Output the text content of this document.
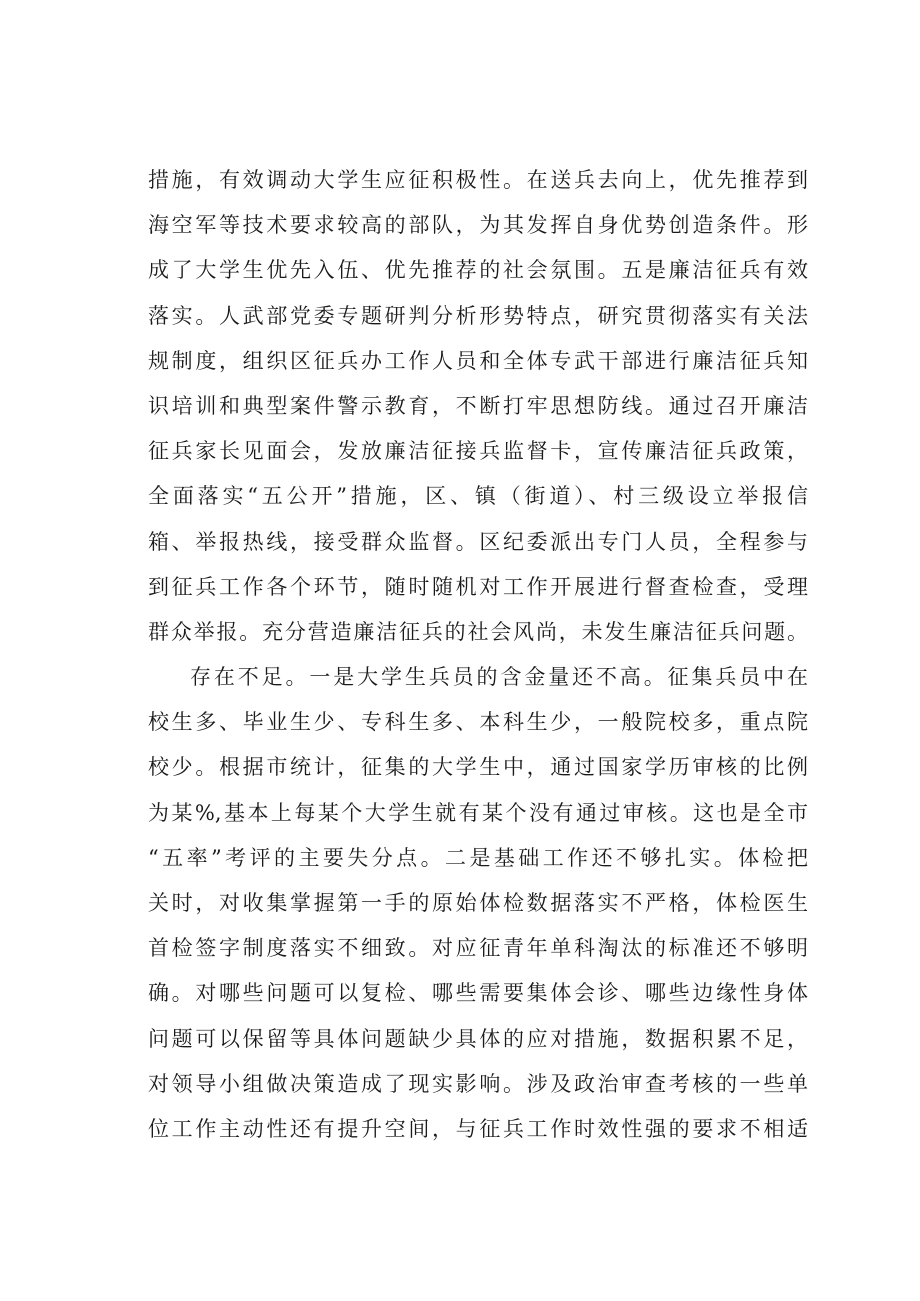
措施，有效调动大学生应征积极性。在送兵去向上，优先推荐到
海空军等技术要求较高的部队，为其发挥自身优势创造条件。形
成了大学生优先入伍、优先推荐的社会氛围。五是廉洁征兵有效
落实。人武部党委专题研判分析形势特点，研究贯彻落实有关法
规制度，组织区征兵办工作人员和全体专武干部进行廉洁征兵知
识培训和典型案件警示教育，不断打牢思想防线。通过召开廉洁
征兵家长见面会，发放廉洁征接兵监督卡，宣传廉洁征兵政策，
全面落实“五公开”措施，区、镇（街道）、村三级设立举报信
箱、举报热线，接受群众监督。区纪委派出专门人员，全程参与
到征兵工作各个环节，随时随机对工作开展进行督查检查，受理
群众举报。充分营造廉洁征兵的社会风尚，未发生廉洁征兵问题。
存在不足。一是大学生兵员的含金量还不高。征集兵员中在
校生多、毕业生少、专科生多、本科生少，一般院校多，重点院
校少。根据市统计，征集的大学生中，通过国家学历审核的比例
为某%,基本上每某个大学生就有某个没有通过审核。这也是全市
“五率”考评的主要失分点。二是基础工作还不够扎实。体检把
关时，对收集掌握第一手的原始体检数据落实不严格，体检医生
首检签字制度落实不细致。对应征青年单科淘汰的标准还不够明
确。对哪些问题可以复检、哪些需要集体会诊、哪些边缘性身体
问题可以保留等具体问题缺少具体的应对措施，数据积累不足，
对领导小组做决策造成了现实影响。涉及政治审查考核的一些单
位工作主动性还有提升空间，与征兵工作时效性强的要求不相适
